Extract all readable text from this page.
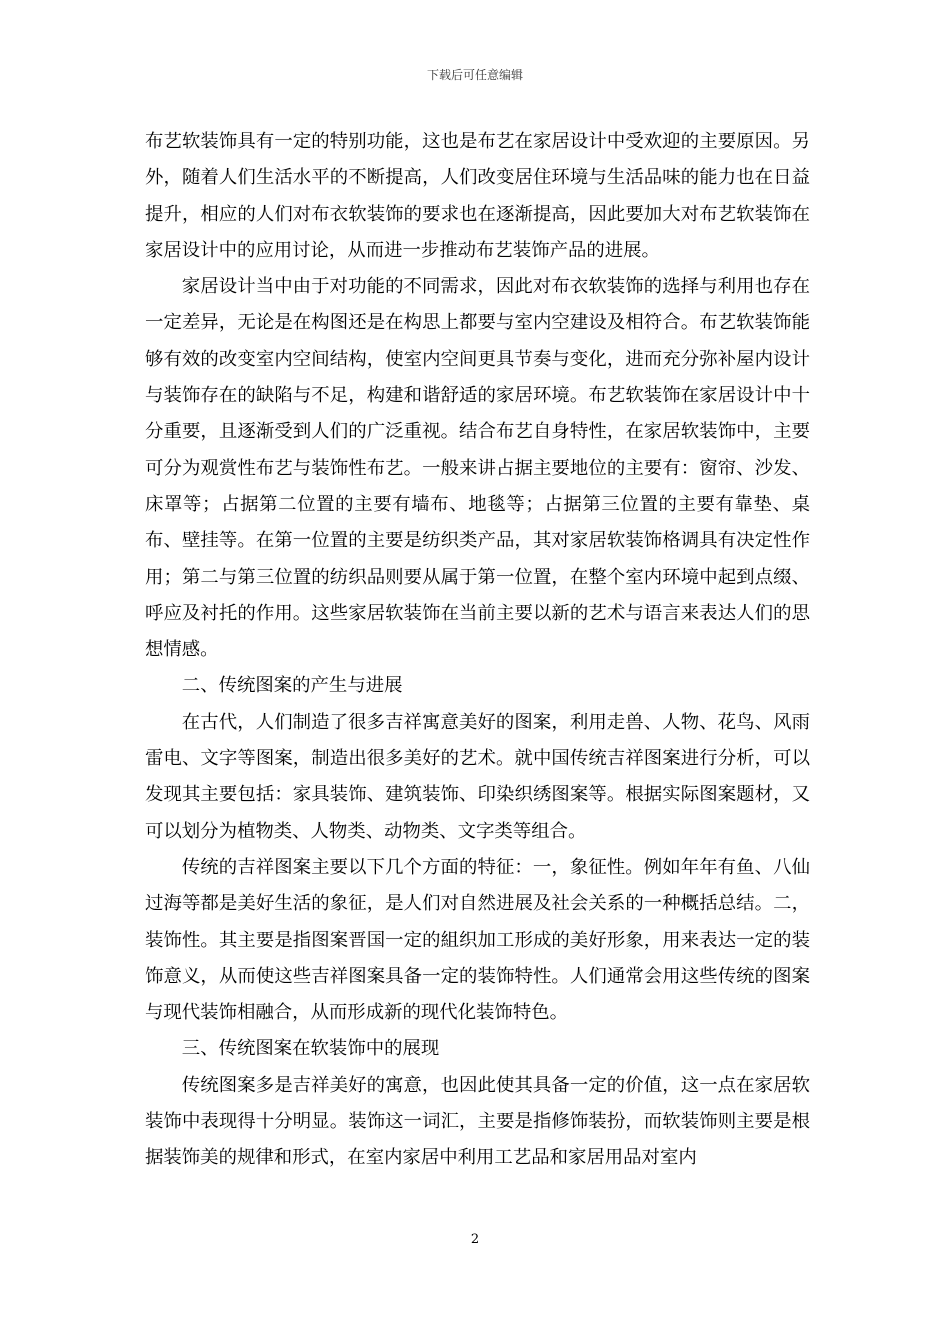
下载后可任意编辑

布艺软装饰具有一定的特别功能，这也是布艺在家居设计中受欢迎的主要原因。另外，随着人们生活水平的不断提高，人们改变居住环境与生活品味的能力也在日益提升，相应的人们对布衣软装饰的要求也在逐渐提高，因此要加大对布艺软装饰在家居设计中的应用讨论，从而进一步推动布艺装饰产品的进展。

家居设计当中由于对功能的不同需求，因此对布衣软装饰的选择与利用也存在一定差异，无论是在构图还是在构思上都要与室内空建设及相符合。布艺软装饰能够有效的改变室内空间结构，使室内空间更具节奏与变化，进而充分弥补屋内设计与装饰存在的缺陷与不足，构建和谐舒适的家居环境。布艺软装饰在家居设计中十分重要，且逐渐受到人们的广泛重视。结合布艺自身特性，在家居软装饰中，主要可分为观赏性布艺与装饰性布艺。一般来讲占据主要地位的主要有：窗帘、沙发、床罩等；占据第二位置的主要有墙布、地毯等；占据第三位置的主要有靠垫、桌布、壁挂等。在第一位置的主要是纺织类产品，其对家居软装饰格调具有决定性作用；第二与第三位置的纺织品则要从属于第一位置，在整个室内环境中起到点缀、呼应及衬托的作用。这些家居软装饰在当前主要以新的艺术与语言来表达人们的思想情感。

二、传统图案的产生与进展

在古代，人们制造了很多吉祥寓意美好的图案，利用走兽、人物、花鸟、风雨雷电、文字等图案，制造出很多美好的艺术。就中国传统吉祥图案进行分析，可以发现其主要包括：家具装饰、建筑装饰、印染织绣图案等。根据实际图案题材，又可以划分为植物类、人物类、动物类、文字类等组合。

传统的吉祥图案主要以下几个方面的特征：一，象征性。例如年年有鱼、八仙过海等都是美好生活的象征，是人们对自然进展及社会关系的一种概括总结。二，装饰性。其主要是指图案晋国一定的組织加工形成的美好形象，用来表达一定的装饰意义，从而使这些吉祥图案具备一定的装饰特性。人们通常会用这些传统的图案与现代装饰相融合，从而形成新的现代化装饰特色。

三、传统图案在软装饰中的展现

传统图案多是吉祥美好的寓意，也因此使其具备一定的价值，这一点在家居软装饰中表现得十分明显。装饰这一词汇，主要是指修饰装扮，而软装饰则主要是根据装饰美的规律和形式，在室内家居中利用工艺品和家居用品对室内

2
